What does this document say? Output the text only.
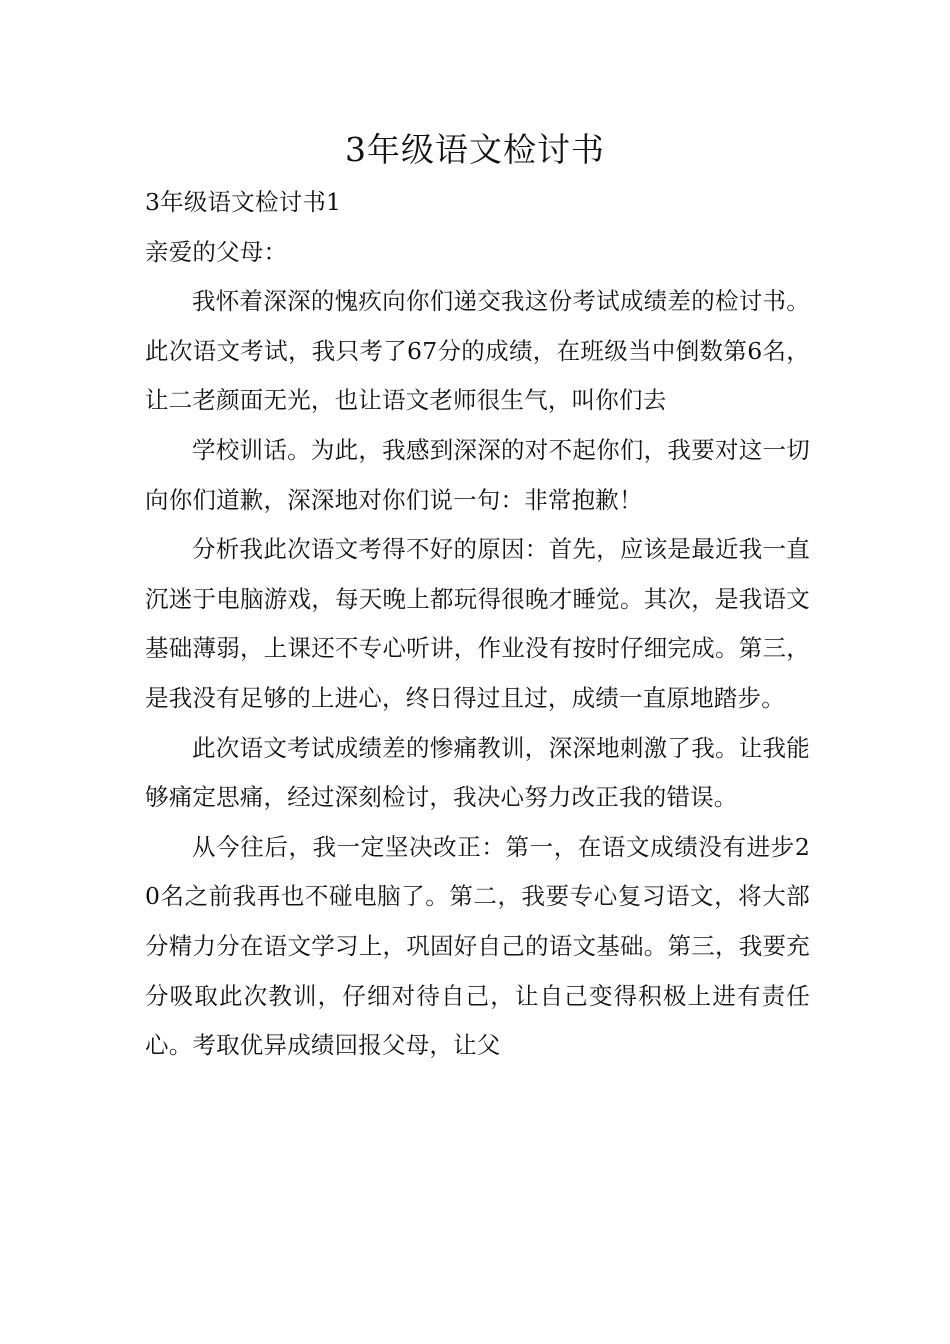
3年级语文检讨书

3年级语文检讨书1

亲爱的父母：

我怀着深深的愧疚向你们递交我这份考试成绩差的检讨书。此次语文考试，我只考了67分的成绩，在班级当中倒数第6名，让二老颜面无光，也让语文老师很生气，叫你们去

学校训话。为此，我感到深深的对不起你们，我要对这一切向你们道歉，深深地对你们说一句：非常抱歉！

分析我此次语文考得不好的原因：首先，应该是最近我一直沉迷于电脑游戏，每天晚上都玩得很晚才睡觉。其次，是我语文基础薄弱，上课还不专心听讲，作业没有按时仔细完成。第三，是我没有足够的上进心，终日得过且过，成绩一直原地踏步。

此次语文考试成绩差的惨痛教训，深深地刺激了我。让我能够痛定思痛，经过深刻检讨，我决心努力改正我的错误。

从今往后，我一定坚决改正：第一，在语文成绩没有进步20名之前我再也不碰电脑了。第二，我要专心复习语文，将大部分精力分在语文学习上，巩固好自己的语文基础。第三，我要充分吸取此次教训，仔细对待自己，让自己变得积极上进有责任心。考取优异成绩回报父母，让父
